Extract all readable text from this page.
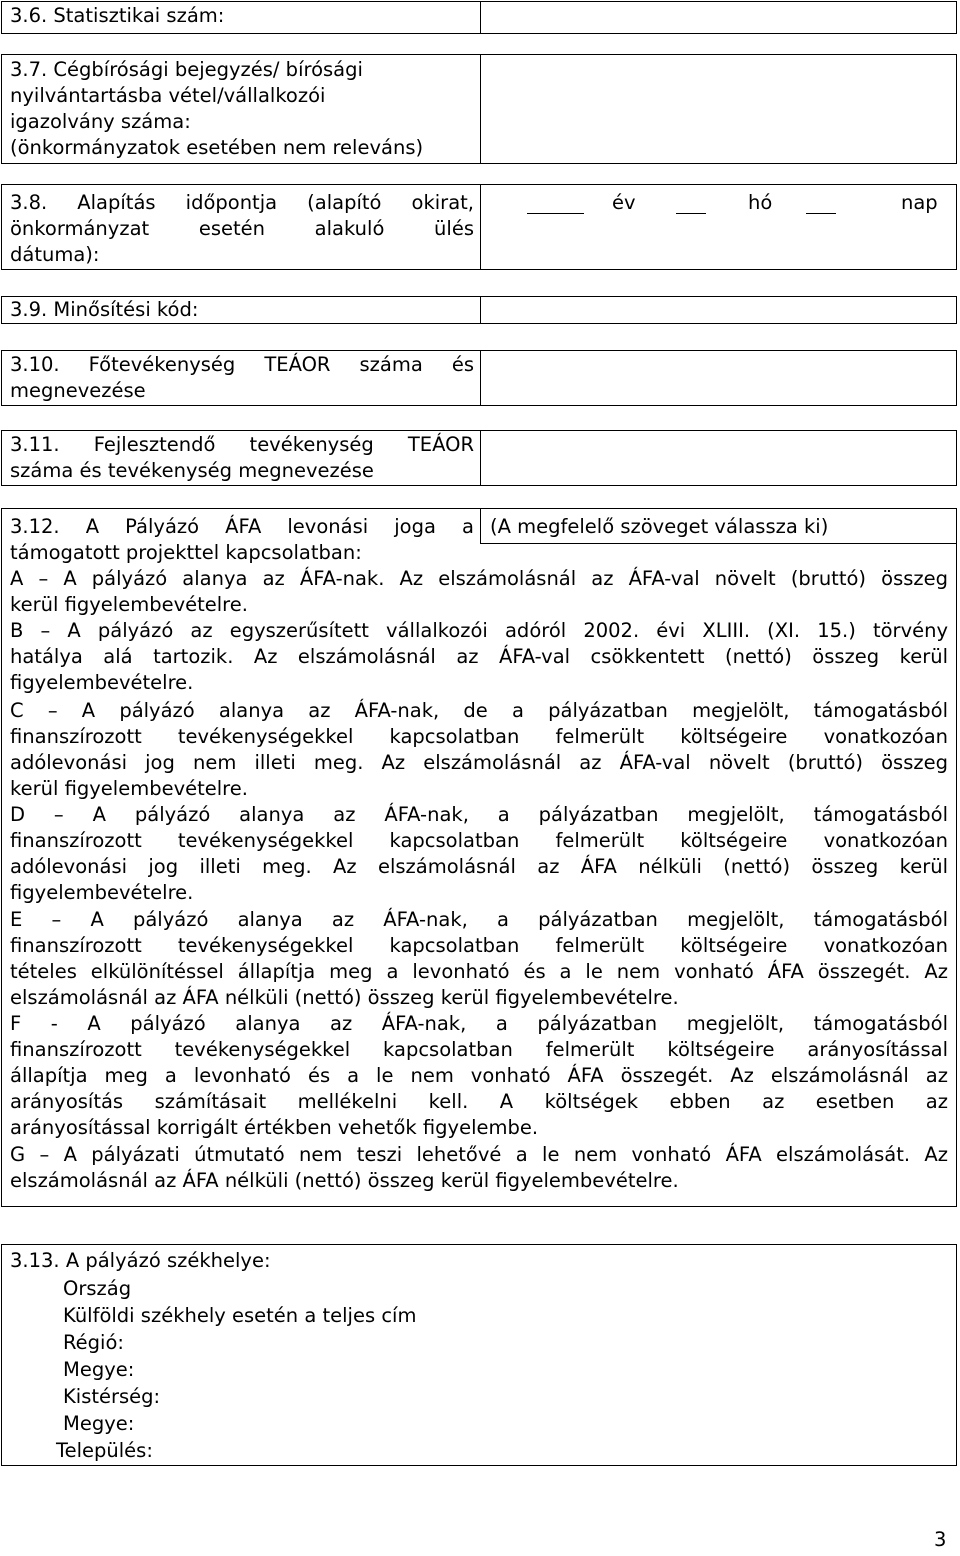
3.6. Statisztikai szám:
3.7. Cégbírósági bejegyzés/ bírósági
nyilvántartásba vétel/vállalkozói
igazolvány száma:
(önkormányzatok esetében nem releváns)
3.8. Alapítás időpontja (alapító okirat,
önkormányzat esetén alakuló ülés
dátuma):
év	hó	nap
3.9. Minősítési kód:
3.10. Főtevékenység TEÁOR száma és
megnevezése
3.11. Fejlesztendő tevékenység TEÁOR
száma és tevékenység megnevezése
3.12. A Pályázó ÁFA levonási joga a (A megfelelő szöveget válassza ki)
támogatott projekttel kapcsolatban:
A – A pályázó alanya az ÁFA-nak. Az elszámolásnál az ÁFA-val növelt (bruttó) összeg
kerül figyelembevételre.
B – A pályázó az egyszerűsített vállalkozói adóról 2002. évi XLIII. (XI. 15.) törvény
hatálya alá tartozik. Az elszámolásnál az ÁFA-val csökkentett (nettó) összeg kerül
figyelembevételre.
C – A pályázó alanya az ÁFA-nak, de a pályázatban megjelölt, támogatásból
finanszírozott tevékenységekkel kapcsolatban felmerült költségeire vonatkozóan
adólevonási jog nem illeti meg. Az elszámolásnál az ÁFA-val növelt (bruttó) összeg
kerül figyelembevételre.
D – A pályázó alanya az ÁFA-nak, a pályázatban megjelölt, támogatásból
finanszírozott tevékenységekkel kapcsolatban felmerült költségeire vonatkozóan
adólevonási jog illeti meg. Az elszámolásnál az ÁFA nélküli (nettó) összeg kerül
figyelembevételre.
E – A pályázó alanya az ÁFA-nak, a pályázatban megjelölt, támogatásból
finanszírozott tevékenységekkel kapcsolatban felmerült költségeire vonatkozóan
tételes elkülönítéssel állapítja meg a levonható és a le nem vonható ÁFA összegét. Az
elszámolásnál az ÁFA nélküli (nettó) összeg kerül figyelembevételre.
F - A pályázó alanya az ÁFA-nak, a pályázatban megjelölt, támogatásból
finanszírozott tevékenységekkel kapcsolatban felmerült költségeire arányosítással
állapítja meg a levonható és a le nem vonható ÁFA összegét. Az elszámolásnál az
arányosítás számításait mellékelni kell. A költségek ebben az esetben az
arányosítással korrigált értékben vehetők figyelembe.
G – A pályázati útmutató nem teszi lehetővé a le nem vonható ÁFA elszámolását. Az
elszámolásnál az ÁFA nélküli (nettó) összeg kerül figyelembevételre.
3.13. A pályázó székhelye:
Ország
Külföldi székhely esetén a teljes cím
Régió:
Megye:
Kistérség:
Megye:
Település:
3
